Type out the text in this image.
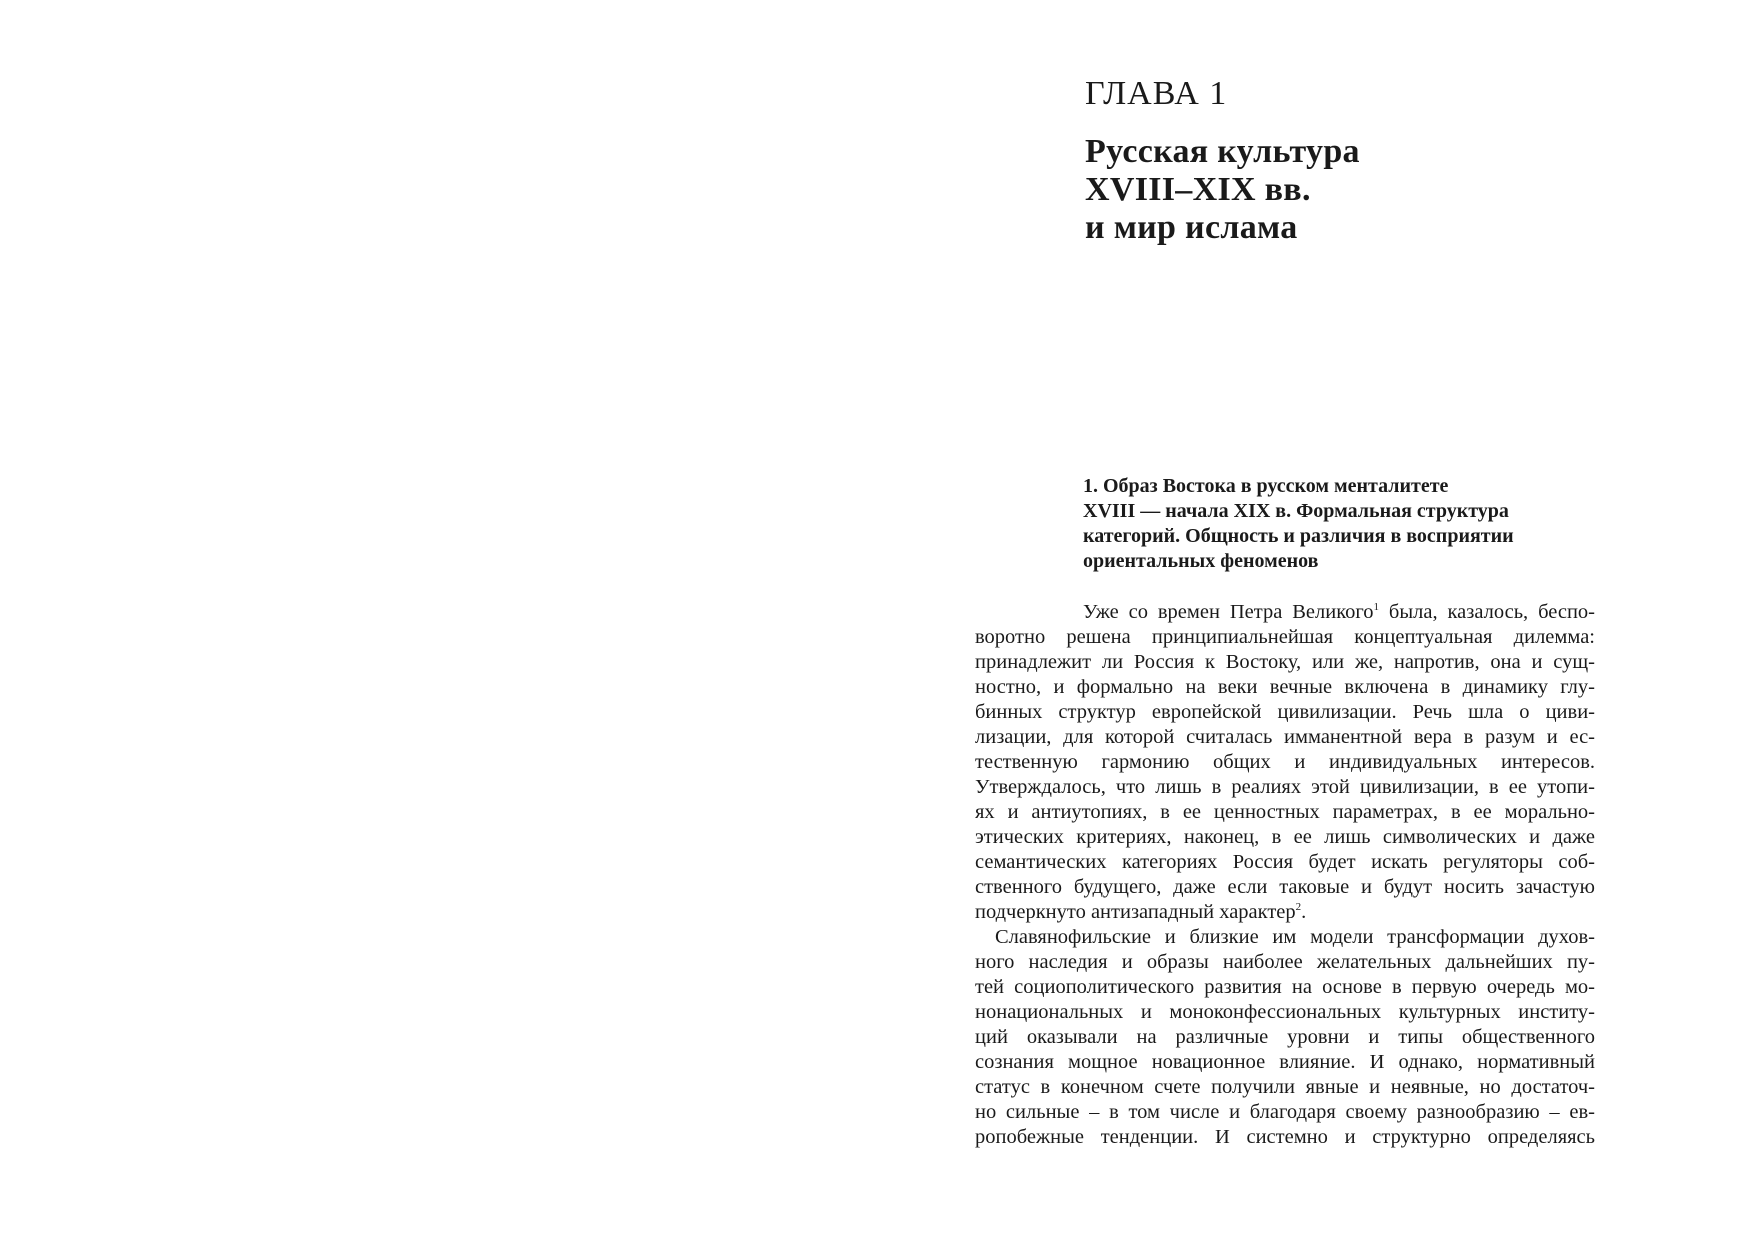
ГЛАВА 1
Русская культура
XVIII–XIX вв.
и мир ислама
1. Образ Востока в русском менталитете
XVIII — начала XIX в. Формальная структура
категорий. Общность и различия в восприятии
ориентальных феноменов
Уже со времен Петра Великого$^1$ была, казалось, беспо-
воротно решена принципиальнейшая концептуальная дилемма:
принадлежит ли Россия к Востоку, или же, напротив, она и сущ-
ностно, и формально на веки вечные включена в динамику глу-
бинных структур европейской цивилизации. Речь шла о циви-
лизации, для которой считалась имманентной вера в разум и ес-
тественную гармонию общих и индивидуальных интересов.
Утверждалось, что лишь в реалиях этой цивилизации, в ее утопи-
ях и антиутопиях, в ее ценностных параметрах, в ее морально-
этических критериях, наконец, в ее лишь символических и даже
семантических категориях Россия будет искать регуляторы соб-
ственного будущего, даже если таковые и будут носить зачастую
подчеркнуто антизападный характер$^2$.
Славянофильские и близкие им модели трансформации духов-
ного наследия и образы наиболее желательных дальнейших пу-
тей социополитического развития на основе в первую очередь мо-
нонациональных и моноконфессиональных культурных институ-
ций оказывали на различные уровни и типы общественного
сознания мощное новационное влияние. И однако, нормативный
статус в конечном счете получили явные и неявные, но достаточ-
но сильные – в том числе и благодаря своему разнообразию – ев-
ропобежные тенденции. И системно и структурно определяясь
